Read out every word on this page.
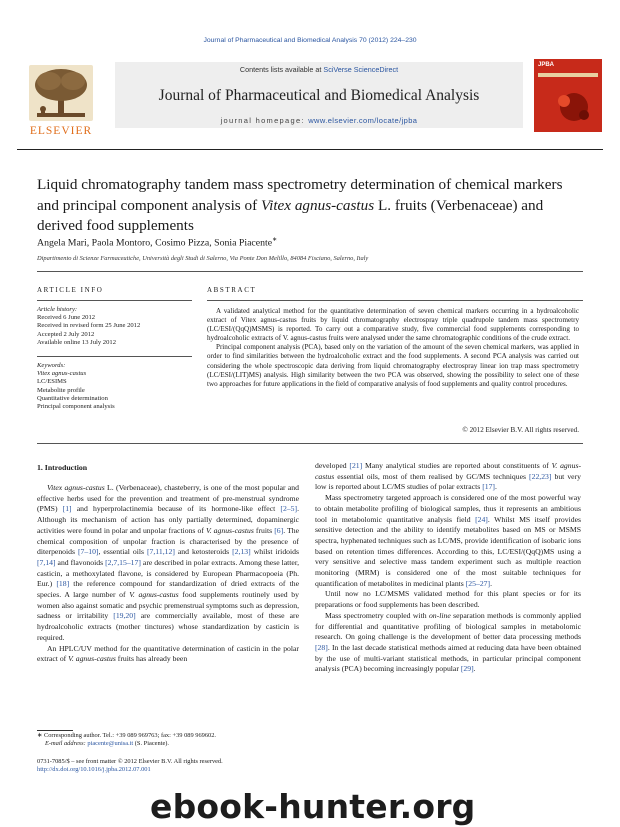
Journal of Pharmaceutical and Biomedical Analysis 70 (2012) 224–230
ELSEVIER
Contents lists available at SciVerse ScienceDirect
Journal of Pharmaceutical and Biomedical Analysis
journal homepage: www.elsevier.com/locate/jpba
JPBA
Liquid chromatography tandem mass spectrometry determination of chemical markers and principal component analysis of Vitex agnus-castus L. fruits (Verbenaceae) and derived food supplements
Angela Mari, Paola Montoro, Cosimo Pizza, Sonia Piacente∗
Dipartimento di Scienze Farmaceutiche, Università degli Studi di Salerno, Via Ponte Don Melillo, 84084 Fisciano, Salerno, Italy
ARTICLE INFO	ABSTRACT
Article history:
Received 6 June 2012
Received in revised form 25 June 2012
Accepted 2 July 2012
Available online 13 July 2012
Keywords:
Vitex agnus-castus
LC/ESIMS
Metabolite profile
Quantitative determination
Principal component analysis

A validated analytical method for the quantitative determination of seven chemical markers occurring in a hydroalcoholic extract of Vitex agnus-castus fruits by liquid chromatography electrospray triple quadrupole tandem mass spectrometry (LC/ESI/(QqQ)MSMS) is reported. To carry out a comparative study, five commercial food supplements corresponding to hydroalcoholic extracts of V. agnus-castus fruits were analysed under the same chromatographic conditions of the crude extract.

Principal component analysis (PCA), based only on the variation of the amount of the seven chemical markers, was applied in order to find similarities between the hydroalcoholic extract and the food supplements. A second PCA analysis was carried out considering the whole spectroscopic data deriving from liquid chromatography electrospray linear ion trap mass spectrometry (LC/ESI/(LIT)MS) analysis. High similarity between the two PCA was observed, showing the possibility to select one of these two approaches for future applications in the field of comparative analysis of food supplements and quality control procedures.

© 2012 Elsevier B.V. All rights reserved.
1. Introduction

Vitex agnus-castus L. (Verbenaceae), chasteberry, is one of the most popular and effective herbs used for the prevention and treatment of pre-menstrual syndrome (PMS) [1] and hyperprolactinemia because of its hormone-like effect [2–5]. Although its mechanism of action has only partially determined, dopaminergic activities were found in polar and unpolar fractions of V. agnus-castus fruits [6]. The chemical composition of unpolar fraction is characterised by the presence of diterpenoids [7–10], essential oils [7,11,12] and ketosteroids [2,13] whilst iridoids [7,14] and flavonoids [2,7,15–17] are described in polar extracts. Among these latter, casticin, a methoxylated flavone, is considered by European Pharmacopoeia (Ph. Eur.) [18] the reference compound for standardization of dried extracts of the species. A large number of V. agnus-castus food supplements routinely used by women also against somatic and psychic premenstrual symptoms such as depression, sadness or irritability [19,20] are commercially available, most of these are hydroalcoholic extracts (mother tinctures) whose standardization by casticin is required.

An HPLC/UV method for the quantitative determination of casticin in the polar extract of V. agnus-castus fruits has already been

developed [21] Many analytical studies are reported about constituents of V. agnus-castus essential oils, most of them realised by GC/MS techniques [22,23] but very low is reported about LC/MS studies of polar extracts [17].

Mass spectrometry targeted approach is considered one of the most powerful way to obtain metabolite profiling of biological samples, thus it represents an ambitious tool in metabolomic quantitative analysis field [24]. Whilst MS itself provides sensitive detection and the ability to identify metabolites based on MS or MSMS spectra, hyphenated techniques such as LC/MS, provide identification of isobaric ions based on retention times differences. According to this, LC/ESI/(QqQ)MS using a very sensitive and selective mass tandem experiment such as multiple reaction monitoring (MRM) is considered one of the most suitable techniques for quantification of metabolites in medicinal plants [25–27].

Until now no LC/MSMS validated method for this plant species or for its preparations or food supplements has been described.

Mass spectrometry coupled with on-line separation methods is commonly applied for differential and quantitative profiling of biological samples in metabolomic research. On going challenge is the development of better data processing methods [28]. In the last decade statistical methods aimed at reducing data have been obtained by the use of multi-variant statistical methods, in particular principal component analysis (PCA) becoming increasingly popular [29].

∗ Corresponding author. Tel.: +39 089 969763; fax: +39 089 969602.
E-mail address: piacente@unisa.it (S. Piacente).
0731-7085/$ – see front matter © 2012 Elsevier B.V. All rights reserved.
http://dx.doi.org/10.1016/j.jpba.2012.07.001
ebook-hunter.org
